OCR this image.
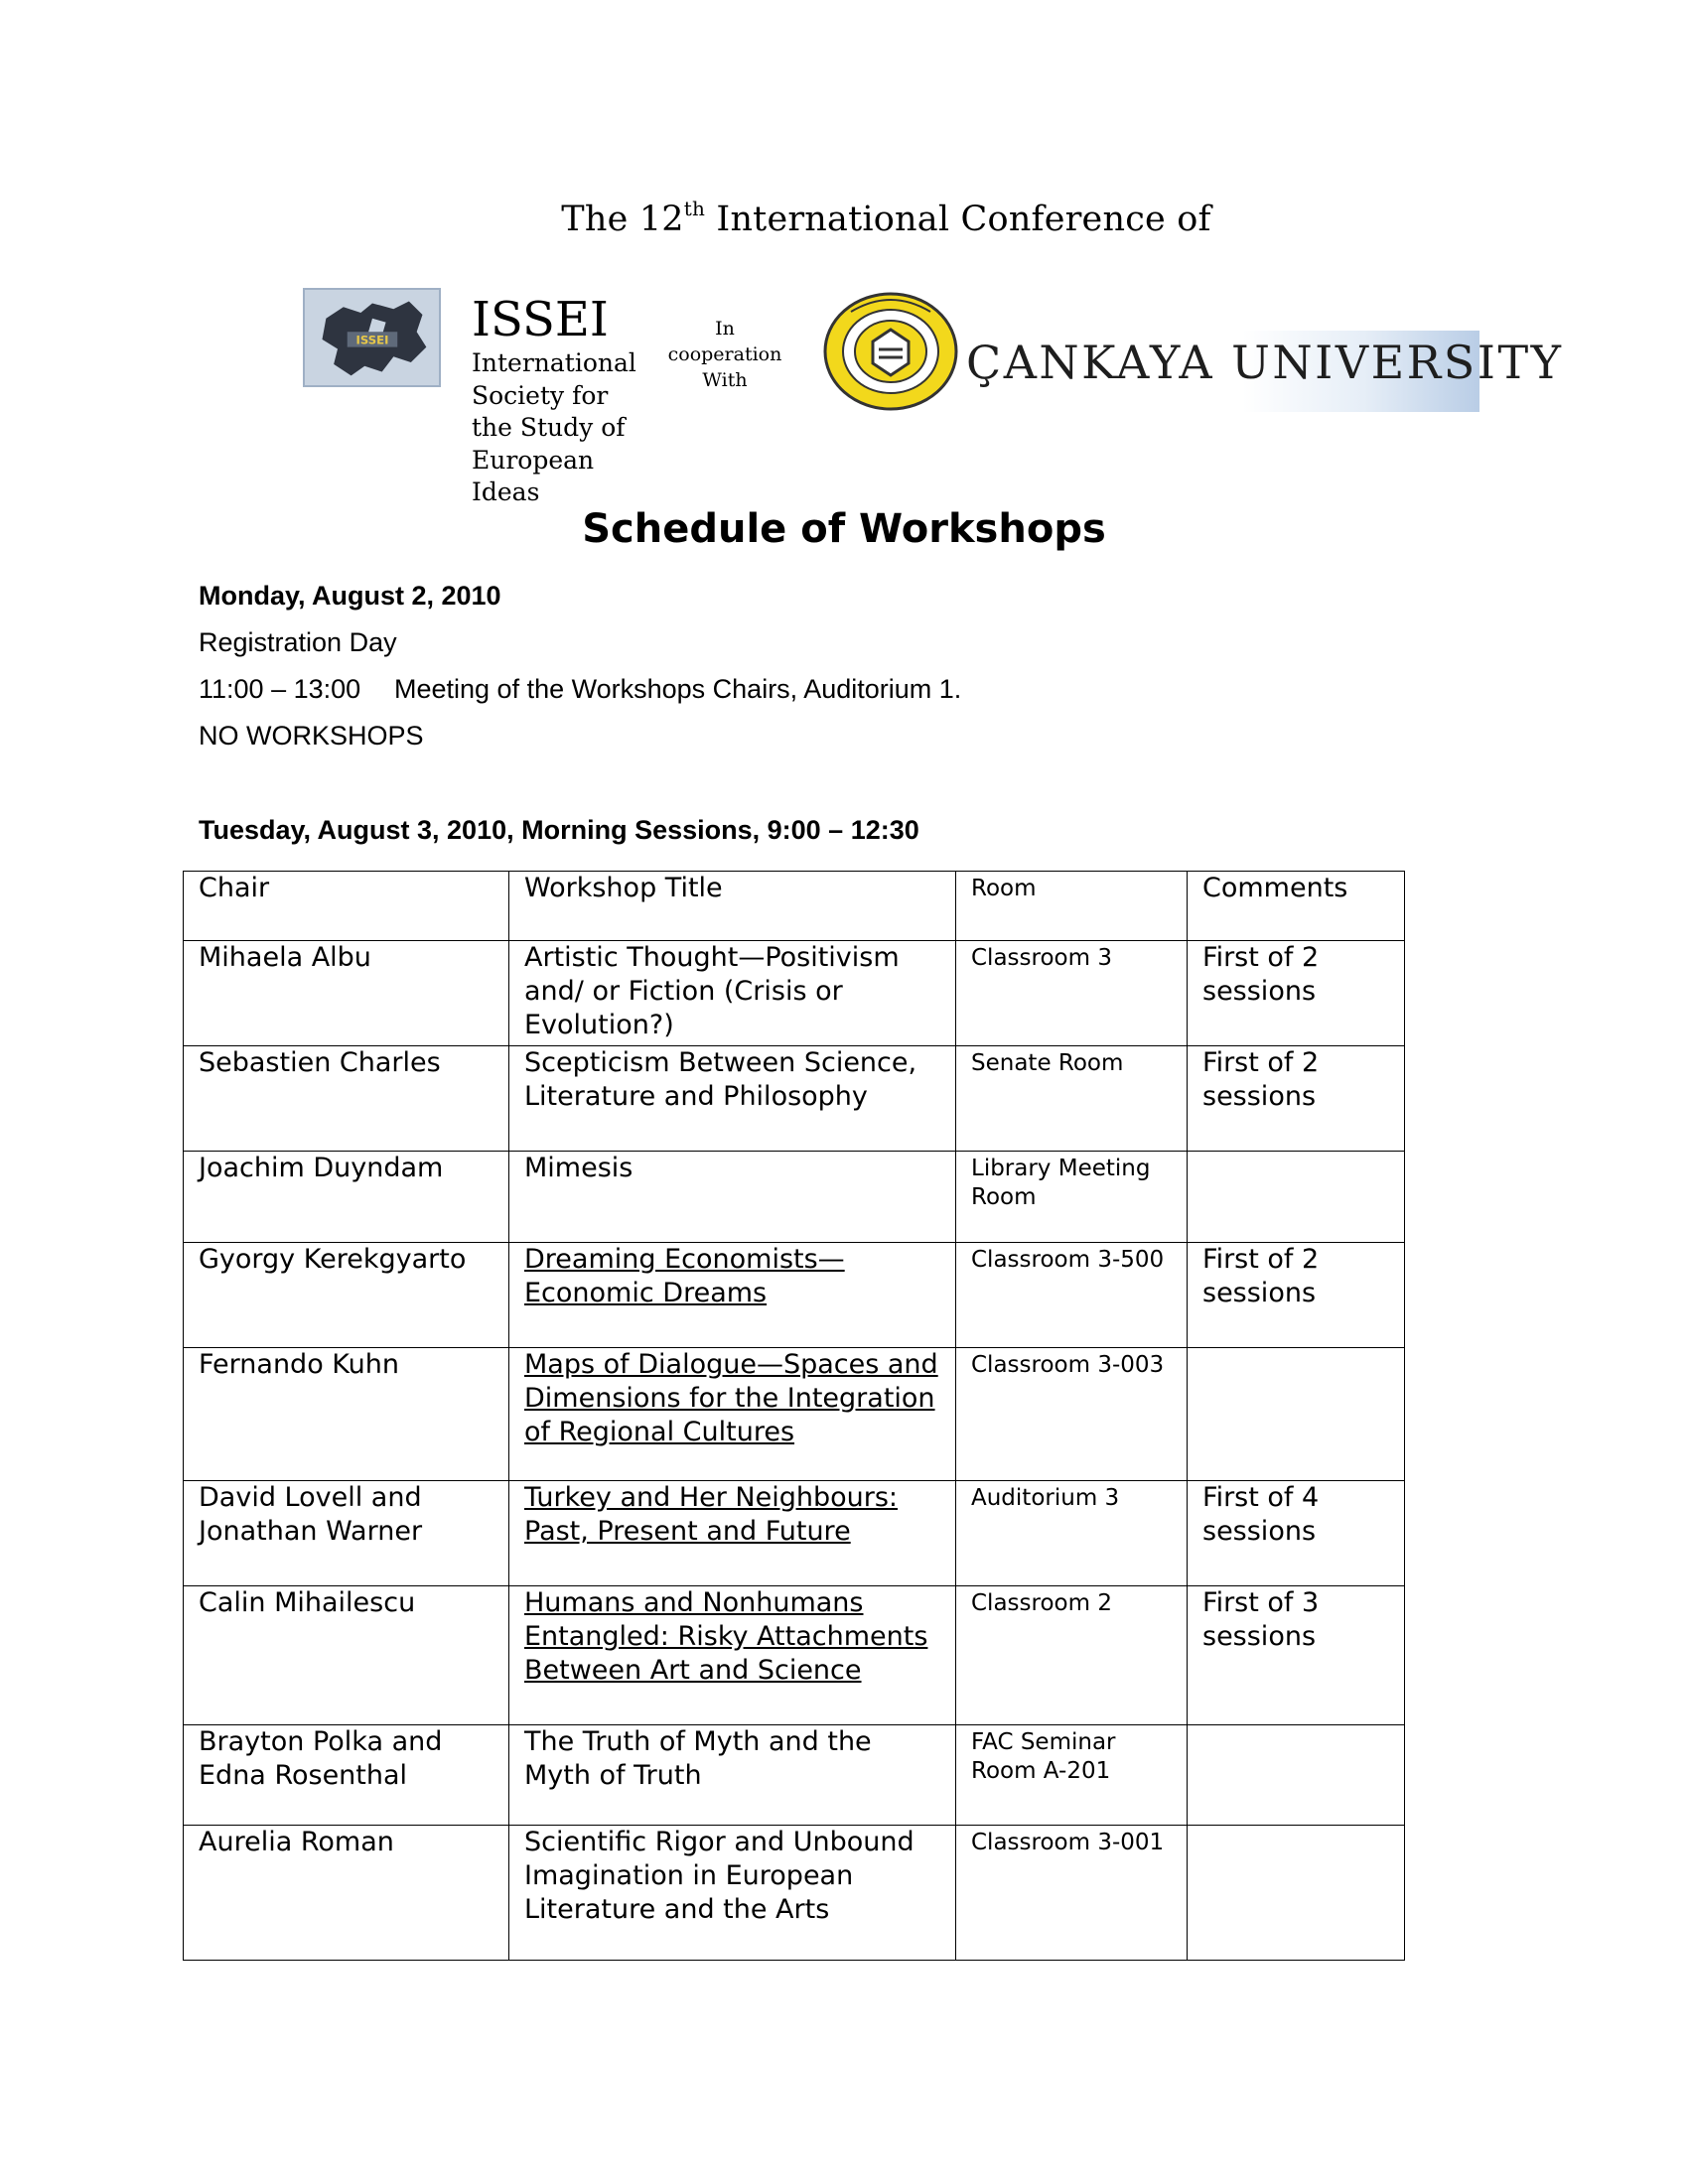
The 12th International Conference of
ISSEI ISSEI
International Society for the Study of European Ideas
In
cooperation
With	ÇANKAYA UNIVERSITY
Schedule of Workshops
Monday, August 2, 2010
Registration Day
11:00 – 13:00 Meeting of the Workshops Chairs, Auditorium 1.
NO WORKSHOPS
Tuesday, August 3, 2010, Morning Sessions, 9:00 – 12:30
Chair	Workshop Title	Room	Comments
Mihaela Albu	Artistic Thought—Positivism and/ or Fiction (Crisis or Evolution?)	Classroom 3	First of 2 sessions
Sebastien Charles	Scepticism Between Science, Literature and Philosophy	Senate Room	First of 2 sessions
Joachim Duyndam	Mimesis	Library Meeting Room	
Gyorgy Kerekgyarto	Dreaming Economists—Economic Dreams	Classroom 3-500	First of 2 sessions
Fernando Kuhn	Maps of Dialogue—Spaces and Dimensions for the Integration of Regional Cultures	Classroom 3-003	
David Lovell and Jonathan Warner	Turkey and Her Neighbours: Past, Present and Future	Auditorium 3	First of 4 sessions
Calin Mihailescu	Humans and Nonhumans Entangled: Risky Attachments Between Art and Science	Classroom 2	First of 3 sessions
Brayton Polka and Edna Rosenthal	The Truth of Myth and the Myth of Truth	FAC Seminar Room A-201	
Aurelia Roman	Scientific Rigor and Unbound Imagination in European Literature and the Arts	Classroom 3-001	
